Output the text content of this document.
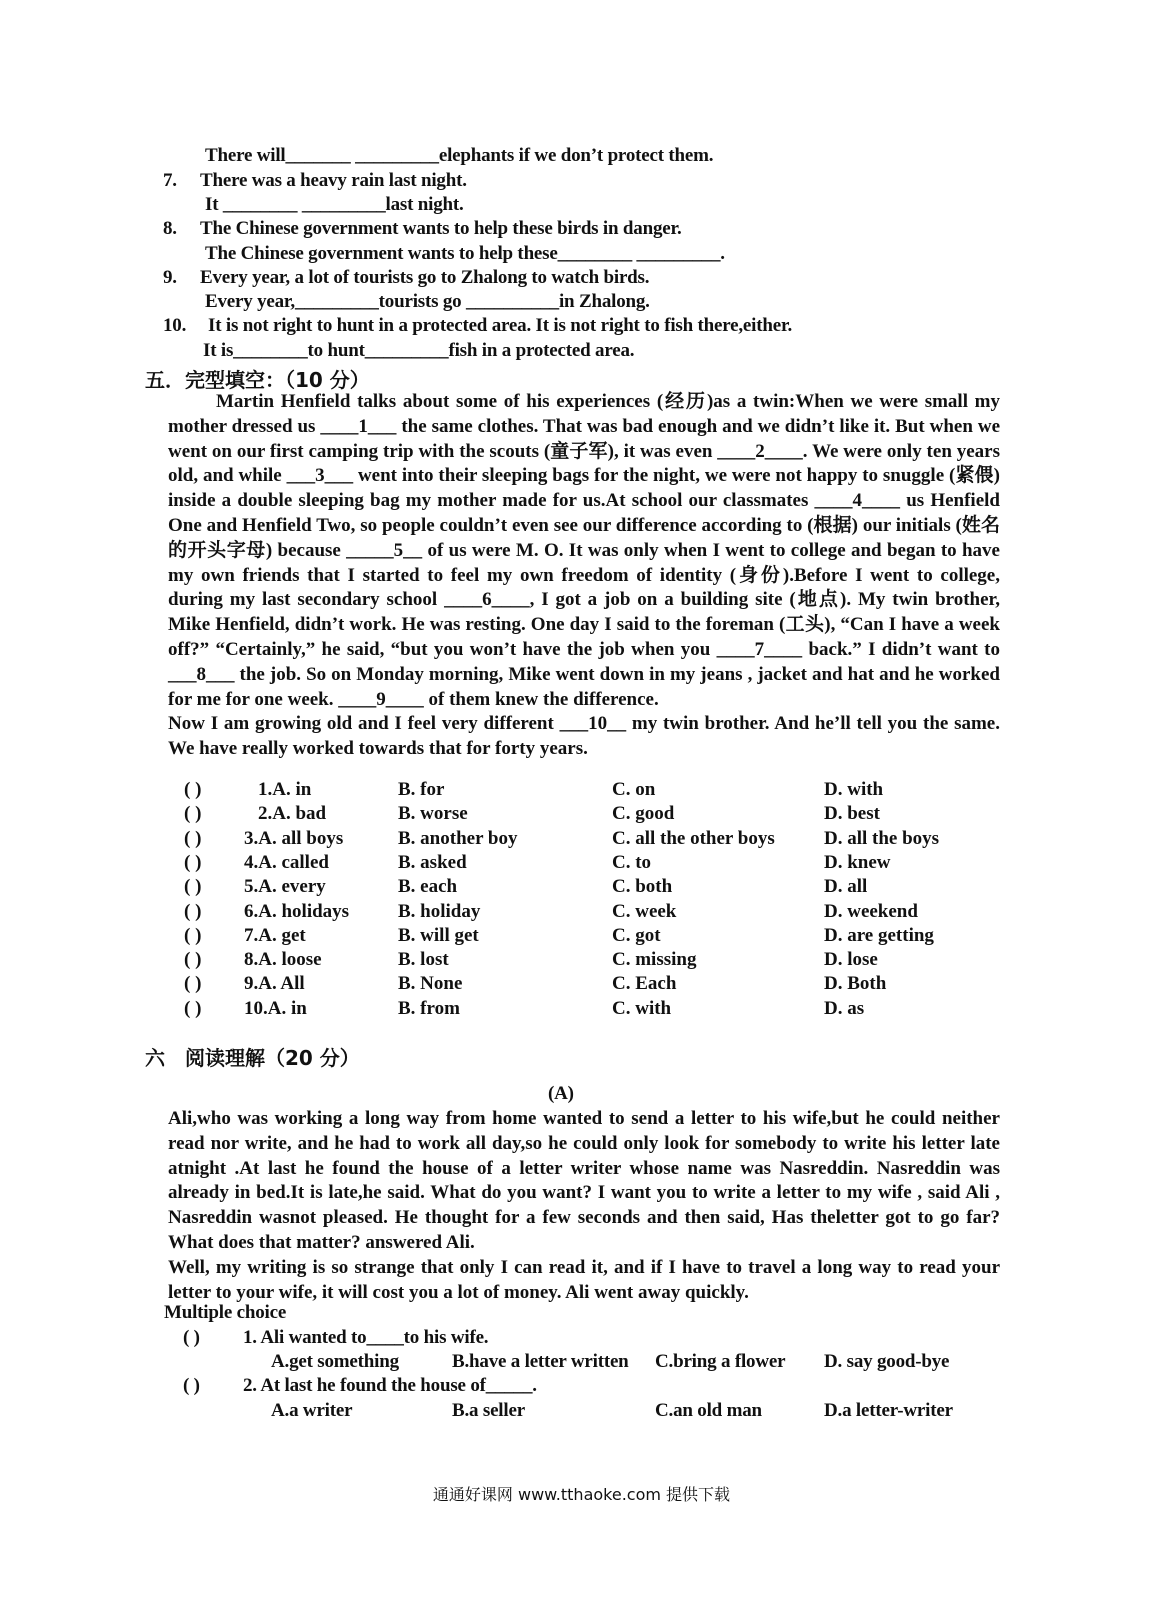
There will_______ _________elephants if we don’t protect them.
7. There was a heavy rain last night.
It ________ _________last night.
8. The Chinese government wants to help these birds in danger.
The Chinese government wants to help these________ _________.
9. Every year, a lot of tourists go to Zhalong to watch birds.
Every year,_________tourists go __________in Zhalong.
10. It is not right to hunt in a protected area. It is not right to fish there,either.
It is________to hunt_________fish in a protected area.
五．完型填空：（10 分）

Martin Henfield talks about some of his experiences (经历)as a twin:When we were small my mother dressed us ____1___ the same clothes. That was bad enough and we didn’t like it. But when we went on our first camping trip with the scouts (童子军), it was even ____2____. We were only ten years old, and while ___3___ went into their sleeping bags for the night, we were not happy to snuggle (紧偎) inside a double sleeping bag my mother made for us.At school our classmates ____4____ us Henfield One and Henfield Two, so people couldn’t even see our difference according to (根据) our initials (姓名的开头字母) because _____5__ of us were M. O. It was only when I went to college and began to have my own friends that I started to feel my own freedom of identity (身份).Before I went to college, during my last secondary school ____6____, I got a job on a building site (地点). My twin brother, Mike Henfield, didn’t work. He was resting. One day I said to the foreman (工头), “Can I have a week off?” “Certainly,” he said, “but you won’t have the job when you ____7____ back.” I didn’t want to ___8___ the job. So on Monday morning, Mike went down in my jeans , jacket and hat and he worked for me for one week. ____9____ of them knew the difference.

Now I am growing old and I feel very different ___10__ my twin brother. And he’ll tell you the same. We have really worked towards that for forty years.

( )	1.A. in	B. for	C. on	D. with
( )	2.A. bad	B. worse	C. good	D. best
( ) 3.A. all boys	B. another boy	C. all the other boys	D. all the boys
( ) 4.A. called	B. asked	C. to	D. knew
( ) 5.A. every	B. each	C. both	D. all
( ) 6.A. holidays	B. holiday	C. week	D. weekend
( ) 7.A. get	B. will get	C. got	D. are getting
( ) 8.A. loose	B. lost	C. missing	D. lose
( ) 9.A. All	B. None	C. Each	D. Both
( ) 10.A. in	B. from	C. with	D. as
六　阅读理解（20 分）
(A)

Ali,who was working a long way from home wanted to send a letter to his wife,but he could neither read nor write, and he had to work all day,so he could only look for somebody to write his letter late atnight .At last he found the house of a letter writer whose name was Nasreddin. Nasreddin was already in bed.It is late,he said. What do you want? I want you to write a letter to my wife , said Ali , Nasreddin wasnot pleased. He thought for a few seconds and then said, Has theletter got to go far? What does that matter? answered Ali.

Well, my writing is so strange that only I can read it, and if I have to travel a long way to read your letter to your wife, it will cost you a lot of money. Ali went away quickly.

Multiple choice
( ) 1. Ali wanted to____to his wife.
A.get something	B.have a letter written C.bring a flower D. say good-bye
( ) 2. At last he found the house of_____.
A.a writer	B.a seller	C.an old man	D.a letter-writer
通通好课网 www.tthaoke.com 提供下载
